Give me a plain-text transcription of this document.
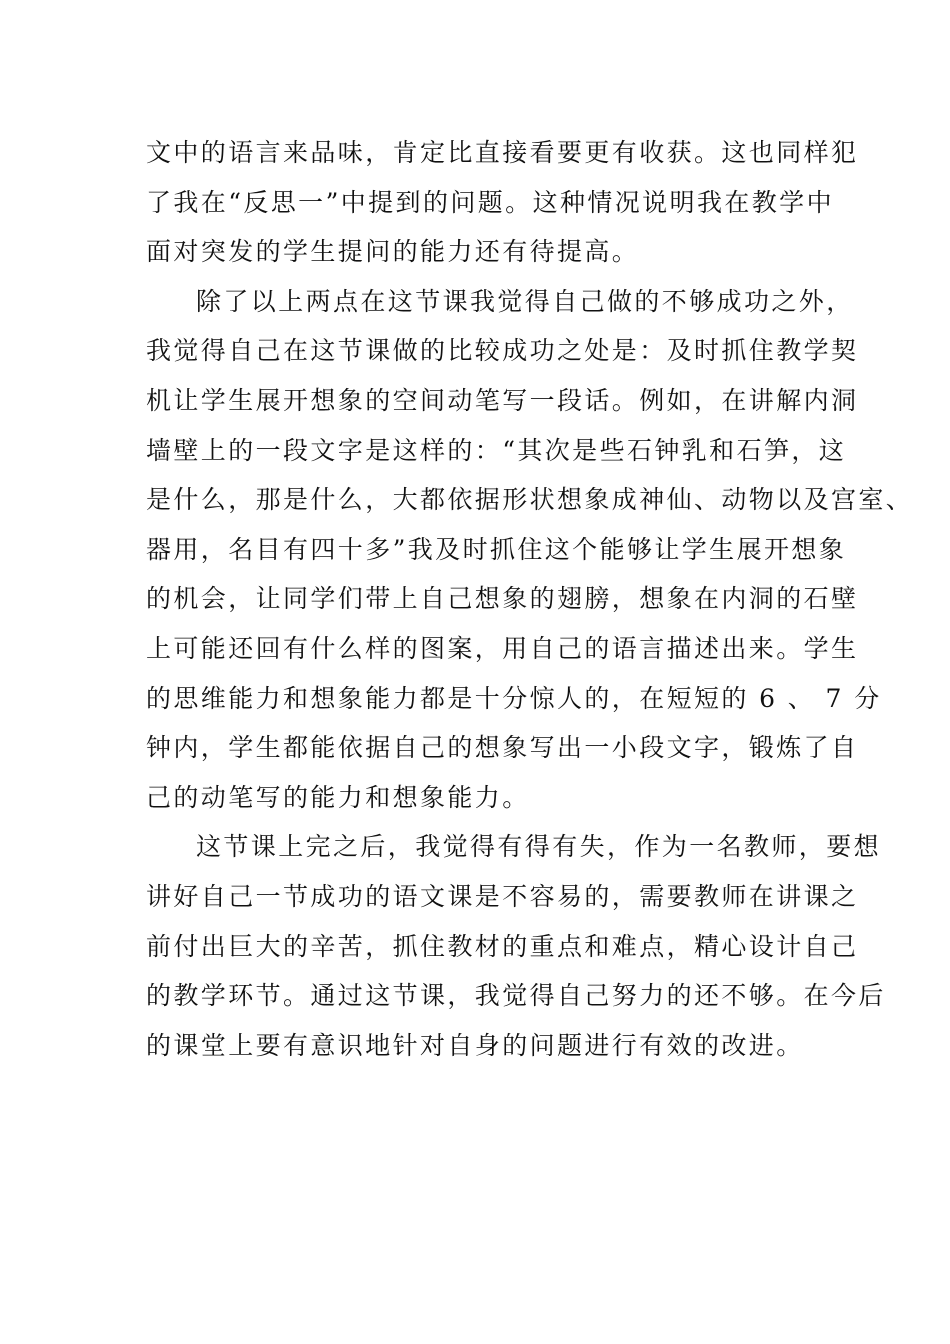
文中的语言来品味，肯定比直接看要更有收获。这也同样犯
了我在“反思一”中提到的问题。这种情况说明我在教学中
面对突发的学生提问的能力还有待提高。
除了以上两点在这节课我觉得自己做的不够成功之外，
我觉得自己在这节课做的比较成功之处是：及时抓住教学契
机让学生展开想象的空间动笔写一段话。例如，在讲解内洞
墙壁上的一段文字是这样的：“其次是些石钟乳和石笋，这
是什么，那是什么，大都依据形状想象成神仙、动物以及宫室、
器用，名目有四十多”我及时抓住这个能够让学生展开想象
的机会，让同学们带上自己想象的翅膀，想象在内洞的石壁
上可能还回有什么样的图案，用自己的语言描述出来。学生
的思维能力和想象能力都是十分惊人的，在短短的 6 、 7 分
钟内，学生都能依据自己的想象写出一小段文字，锻炼了自
己的动笔写的能力和想象能力。
这节课上完之后，我觉得有得有失，作为一名教师，要想
讲好自己一节成功的语文课是不容易的，需要教师在讲课之
前付出巨大的辛苦，抓住教材的重点和难点，精心设计自己
的教学环节。通过这节课，我觉得自己努力的还不够。在今后
的课堂上要有意识地针对自身的问题进行有效的改进。
